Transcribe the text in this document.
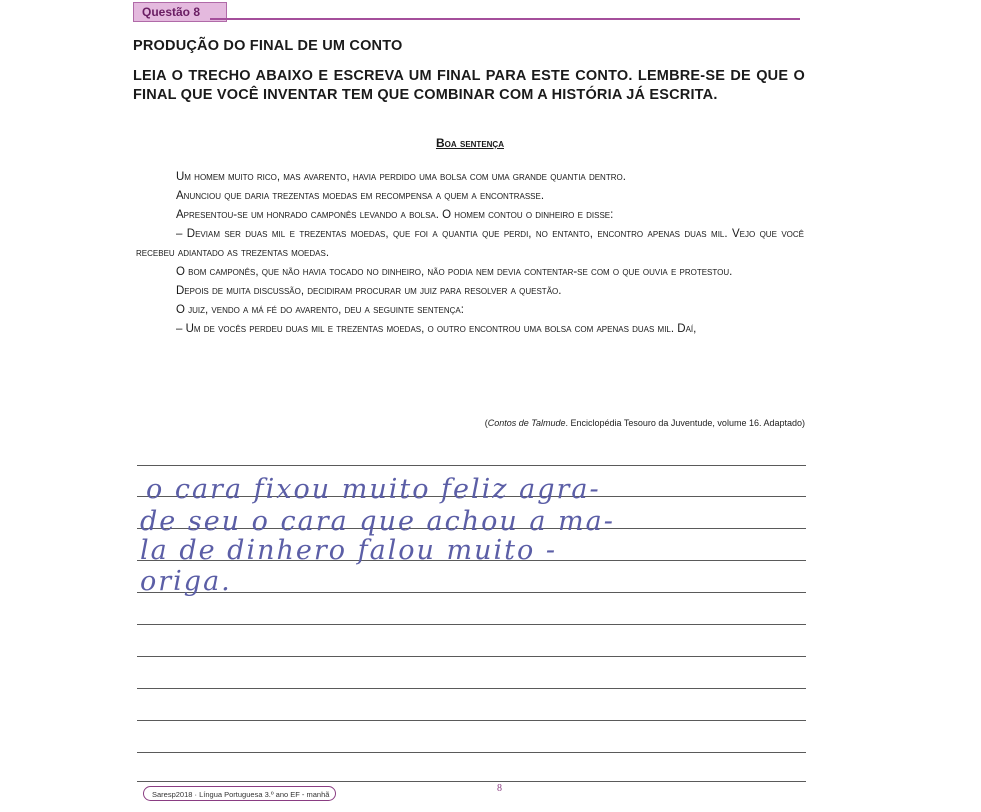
Questão 8
PRODUÇÃO DO FINAL DE UM CONTO
LEIA O TRECHO ABAIXO E ESCREVA UM FINAL PARA ESTE CONTO. LEMBRE-SE DE QUE O FINAL QUE VOCÊ INVENTAR TEM QUE COMBINAR COM A HISTÓRIA JÁ ESCRITA.
Boa sentença

Um homem muito rico, mas avarento, havia perdido uma bolsa com uma grande quantia dentro.

Anunciou que daria trezentas moedas em recompensa a quem a encontrasse.

Apresentou-se um honrado camponês levando a bolsa. O homem contou o dinheiro e disse:

– Deviam ser duas mil e trezentas moedas, que foi a quantia que perdi, no entanto, encontro apenas duas mil. Vejo que você recebeu adiantado as trezentas moedas.

O bom camponês, que não havia tocado no dinheiro, não podia nem devia contentar-se com o que ouvia e protestou.

Depois de muita discussão, decidiram procurar um juiz para resolver a questão.

O juiz, vendo a má fé do avarento, deu a seguinte sentença:

– Um de vocês perdeu duas mil e trezentas moedas, o outro encontrou uma bolsa com apenas duas mil. Daí,

(Contos de Talmude. Enciclopédia Tesouro da Juventude, volume 16. Adaptado)
o cara fixou muito feliz agra-
de seu o cara que achou a ma-
la de dinhero falou muito -
origa.
Saresp2018 · Língua Portuguesa 3.º ano EF - manhã
8
